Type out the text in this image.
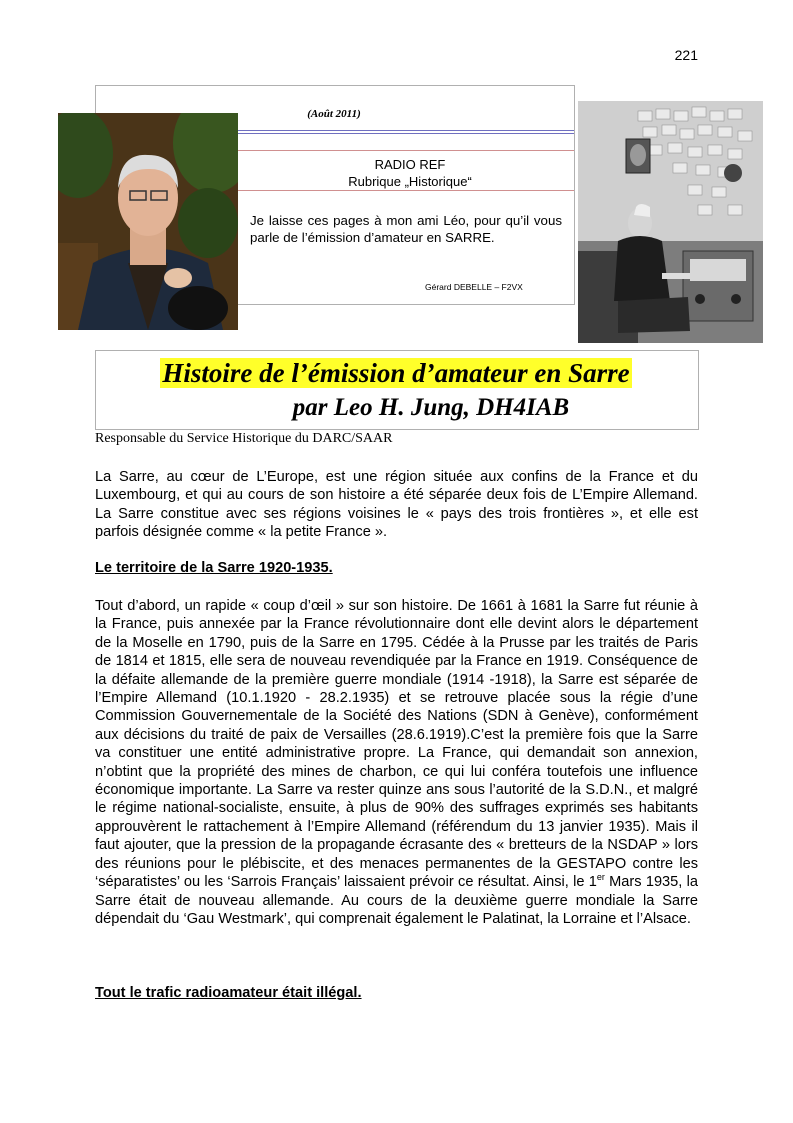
221
(Août 2011)
RADIO REF
Rubrique „Historique“
Je laisse ces pages à mon ami Léo, pour qu’il vous parle de l’émission d’amateur en SARRE.
Gérard DEBELLE – F2VX
Histoire de l’émission d’amateur en Sarre
par Leo H. Jung, DH4IAB
Responsable du Service Historique du DARC/SAAR
La Sarre, au cœur de L’Europe, est une région située aux confins de la France et du Luxembourg, et qui au cours de son histoire a été séparée deux fois de L’Empire Allemand. La Sarre constitue avec ses régions voisines le « pays des trois frontières », et elle est parfois désignée comme « la petite France ».
Le territoire de la Sarre 1920-1935.
Tout d’abord, un rapide « coup d’œil » sur son histoire. De 1661 à 1681 la Sarre fut réunie à la France, puis annexée par la France révolutionnaire dont elle devint alors le département de la Moselle en 1790, puis de la Sarre en 1795. Cédée à la Prusse par les traités de Paris de 1814 et 1815, elle sera de nouveau revendiquée par la France en 1919. Conséquence de la défaite allemande de la première guerre mondiale (1914 -1918), la Sarre est séparée de l’Empire Allemand (10.1.1920 - 28.2.1935) et se retrouve placée sous la régie d’une Commission Gouvernementale de la Société des Nations (SDN à Genève), conformément aux décisions du traité de paix de Versailles (28.6.1919).C’est la première fois que la Sarre va constituer une entité administrative propre. La France, qui demandait son annexion, n’obtint que la propriété des mines de charbon, ce qui lui conféra toutefois une influence économique importante. La Sarre va rester quinze ans sous l’autorité de la S.D.N., et malgré le régime national-socialiste, ensuite, à plus de 90% des suffrages exprimés ses habitants approuvèrent le rattachement à l’Empire Allemand (référendum du 13 janvier 1935). Mais il faut ajouter, que la pression de la propagande écrasante des « bretteurs de la NSDAP » lors des réunions pour le plébiscite, et des menaces permanentes de la GESTAPO contre les ‘séparatistes’ ou les ‘Sarrois Français’ laissaient prévoir ce résultat. Ainsi, le 1er Mars 1935, la Sarre était de nouveau allemande. Au cours de la deuxième guerre mondiale la Sarre dépendait du ‘Gau Westmark’, qui comprenait également le Palatinat, la Lorraine et l’Alsace.
Tout le trafic radioamateur était illégal.
